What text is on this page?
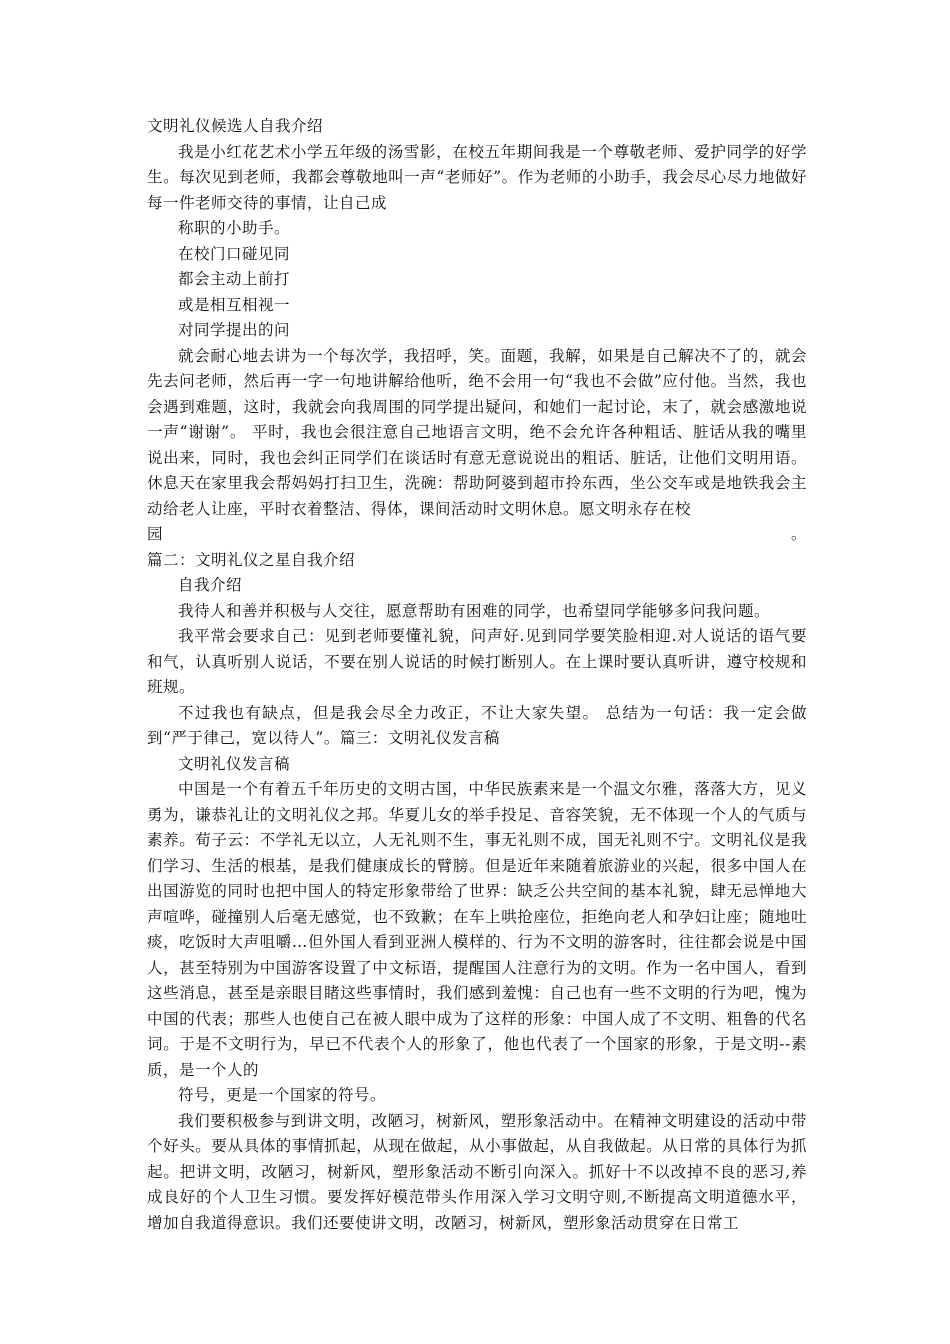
文明礼仪候选人自我介绍

我是小红花艺术小学五年级的汤雪影，在校五年期间我是一个尊敬老师、爱护同学的好学生。每次见到老师，我都会尊敬地叫一声“老师好”。作为老师的小助手，我会尽心尽力地做好每一件老师交待的事情，让自己成

称职的小助手。

在校门口碰见同

都会主动上前打

或是相互相视一

对同学提出的问

就会耐心地去讲为一个每次学，我招呼，笑。面题，我解，如果是自己解决不了的，就会先去问老师，然后再一字一句地讲解给他听，绝不会用一句“我也不会做”应付他。当然，我也会遇到难题，这时，我就会向我周围的同学提出疑问，和她们一起讨论，末了，就会感激地说一声“谢谢”。 平时，我也会很注意自己地语言文明，绝不会允许各种粗话、脏话从我的嘴里说出来，同时，我也会纠正同学们在谈话时有意无意说说出的粗话、脏话，让他们文明用语。休息天在家里我会帮妈妈打扫卫生，洗碗：帮助阿婆到超市拎东西，坐公交车或是地铁我会主动给老人让座，平时衣着整洁、得体，课间活动时文明休息。愿文明永存在校

园	。

篇二：文明礼仪之星自我介绍

自我介绍

我待人和善并积极与人交往，愿意帮助有困难的同学，也希望同学能够多问我问题。

我平常会要求自己：见到老师要懂礼貌，问声好.见到同学要笑脸相迎.对人说话的语气要和气，认真听别人说话，不要在别人说话的时候打断别人。在上课时要认真听讲，遵守校规和班规。

不过我也有缺点，但是我会尽全力改正，不让大家失望。 总结为一句话：我一定会做到“严于律己，宽以待人”。篇三：文明礼仪发言稿

文明礼仪发言稿

中国是一个有着五千年历史的文明古国，中华民族素来是一个温文尔雅，落落大方，见义勇为，谦恭礼让的文明礼仪之邦。华夏儿女的举手投足、音容笑貌，无不体现一个人的气质与素养。荀子云：不学礼无以立，人无礼则不生，事无礼则不成，国无礼则不宁。文明礼仪是我们学习、生活的根基，是我们健康成长的臂膀。但是近年来随着旅游业的兴起，很多中国人在出国游览的同时也把中国人的特定形象带给了世界：缺乏公共空间的基本礼貌，肆无忌惮地大声喧哗，碰撞别人后毫无感觉，也不致歉；在车上哄抢座位，拒绝向老人和孕妇让座；随地吐痰，吃饭时大声咀嚼…但外国人看到亚洲人模样的、行为不文明的游客时，往往都会说是中国人，甚至特别为中国游客设置了中文标语，提醒国人注意行为的文明。作为一名中国人，看到这些消息，甚至是亲眼目睹这些事情时，我们感到羞愧：自己也有一些不文明的行为吧，愧为中国的代表；那些人也使自己在被人眼中成为了这样的形象：中国人成了不文明、粗鲁的代名词。于是不文明行为，早已不代表个人的形象了，他也代表了一个国家的形象，于是文明--素质，是一个人的

符号，更是一个国家的符号。

我们要积极参与到讲文明，改陋习，树新风，塑形象活动中。在精神文明建设的活动中带个好头。要从具体的事情抓起，从现在做起，从小事做起，从自我做起。从日常的具体行为抓起。把讲文明，改陋习，树新风，塑形象活动不断引向深入。抓好十不以改掉不良的恶习,养成良好的个人卫生习惯。要发挥好模范带头作用深入学习文明守则,不断提高文明道德水平，增加自我道得意识。我们还要使讲文明，改陋习，树新风，塑形象活动贯穿在日常工
